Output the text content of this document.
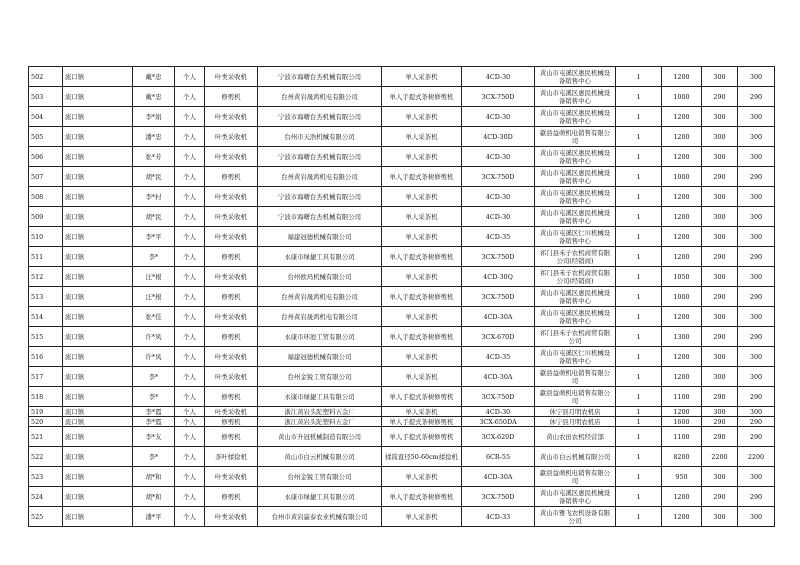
502	流口镇	戴*忠	个人	叶类采收机	宁波市海曙台杰机械有限公司	单人采茶机	4CD-30	黄山市屯溪区惠民机械设备销售中心	1	1200	300	300
503	流口镇	戴*忠	个人	修剪机	台州黄岩晟鸿机电有限公司	单人手提式茶树修剪机	3CX-750D	黄山市屯溪区惠民机械设备销售中心	1	1000	290	290
504	流口镇	李*娟	个人	叶类采收机	宁波市海曙台杰机械有限公司	单人采茶机	4CD-30	黄山市屯溪区惠民机械设备销售中心	1	1200	300	300
505	流口镇	潘*忠	个人	叶类采收机	台州市天浩机械有限公司	单人采茶机	4CD-30D	歙县益萌机电销售有限公司	1	1200	300	300
506	流口镇	张*芳	个人	叶类采收机	宁波市海曙台杰机械有限公司	单人采茶机	4CD-30	黄山市屯溪区惠民机械设备销售中心	1	1200	300	300
507	流口镇	胡*民	个人	修剪机	台州黄岩晟鸿机电有限公司	单人手提式茶树修剪机	3CX-750D	黄山市屯溪区惠民机械设备销售中心	1	1000	290	290
508	流口镇	李*村	个人	叶类采收机	宁波市海曙台杰机械有限公司	单人采茶机	4CD-30	黄山市屯溪区惠民机械设备销售中心	1	1200	300	300
509	流口镇	胡*民	个人	叶类采收机	宁波市海曙台杰机械有限公司	单人采茶机	4CD-30	黄山市屯溪区惠民机械设备销售中心	1	1200	300	300
510	流口镇	李*平	个人	叶类采收机	福建冠德机械有限公司	单人采茶机	4CD-35	黄山市屯溪区仁川机械设备销售中心	1	1200	300	300
511	流口镇	李*	个人	修剪机	永康市绿捷工具有限公司	单人手提式茶树修剪机	3CX-750D	祁门县禾子农机商贸有限公司(经销商)	1	1200	290	290
512	流口镇	汪*根	个人	叶类采收机	台州欧玛机械有限公司	单人采茶机	4CD-30Q	祁门县禾子农机商贸有限公司(经销商)	1	1050	300	300
513	流口镇	汪*根	个人	修剪机	台州黄岩晟鸿机电有限公司	单人手提式茶树修剪机	3CX-750D	黄山市屯溪区惠民机械设备销售中心	1	1000	290	290
514	流口镇	张*佳	个人	叶类采收机	台州黄岩晟鸿机电有限公司	单人采茶机	4CD-30A	黄山市屯溪区惠民机械设备销售中心	1	1200	300	300
515	流口镇	许*凤	个人	修剪机	永康市环池工贸有限公司	单人手提式茶树修剪机	3CX-670D	祁门县禾子农机商贸有限公司	1	1300	290	290
516	流口镇	许*凤	个人	叶类采收机	福建冠德机械有限公司	单人采茶机	4CD-35	黄山市屯溪区仁川机械设备销售中心	1	1200	300	300
517	流口镇	李*	个人	叶类采收机	台州金锐工贸有限公司	单人采茶机	4CD-30A	歙县益萌机电销售有限公司	1	1200	300	300
518	流口镇	李*	个人	修剪机	永康市绿捷工具有限公司	单人手提式茶树修剪机	3CX-750D	歙县益萌机电销售有限公司	1	1100	290	290
519	流口镇	李*霞	个人	叶类采收机	浙江黄岩头陀塑料五金厂	单人采茶机	4CD-30	休宁县月明农机店	1	1200	300	300
520	流口镇	李*霞	个人	修剪机	浙江黄岩头陀塑料五金厂	单人手提式茶树修剪机	3CX-650DA	休宁县月明农机店	1	1600	290	290
521	流口镇	李*友	个人	修剪机	黄山市升冠机械制造有限公司	单人手提式茶树修剪机	3CX-620D	黄山农田农机经营部	1	1100	290	290
522	流口镇	李*	个人	茶叶揉捻机	黄山市白云机械有限公司	揉筒直径50-60cm揉捻机	6CR-55	黄山市白云机械有限公司	1	8200	2200	2200
523	流口镇	胡*和	个人	叶类采收机	台州金锐工贸有限公司	单人采茶机	4CD-30A	歙县益萌机电销售有限公司	1	950	300	300
524	流口镇	胡*和	个人	修剪机	永康市绿捷工具有限公司	单人手提式茶树修剪机	3CX-750D	黄山市屯溪区惠民机械设备销售中心	1	1200	290	290
525	流口镇	潘*平	个人	叶类采收机	台州市黄岩嬴泰农业机械有限公司	单人采茶机	4CD-33	黄山市雅飞农机设备有限公司	1	1200	300	300
